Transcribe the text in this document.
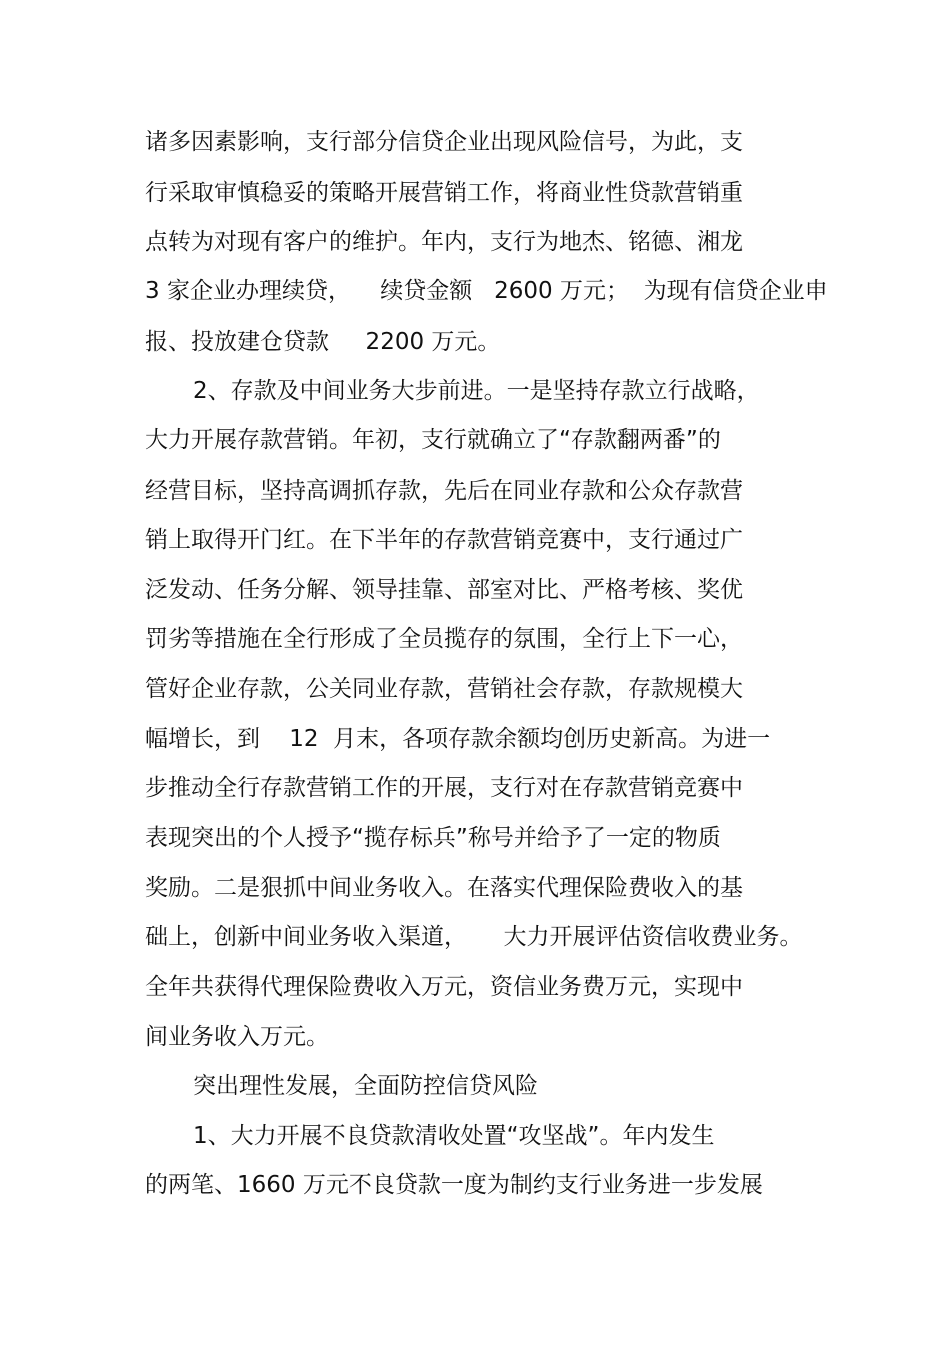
诸多因素影响，支行部分信贷企业出现风险信号，为此，支
行采取审慎稳妥的策略开展营销工作，将商业性贷款营销重
点转为对现有客户的维护。年内，支行为地杰、铭德、湘龙
3 家企业办理续贷，    续贷金额   2600 万元；  为现有信贷企业申
报、投放建仓贷款     2200 万元。
2、存款及中间业务大步前进。一是坚持存款立行战略，
大力开展存款营销。年初，支行就确立了“存款翻两番”的
经营目标，坚持高调抓存款，先后在同业存款和公众存款营
销上取得开门红。在下半年的存款营销竞赛中，支行通过广
泛发动、任务分解、领导挂靠、部室对比、严格考核、奖优
罚劣等措施在全行形成了全员揽存的氛围，全行上下一心，
管好企业存款，公关同业存款，营销社会存款，存款规模大
幅增长，到    12  月末，各项存款余额均创历史新高。为进一
步推动全行存款营销工作的开展，支行对在存款营销竞赛中
表现突出的个人授予“揽存标兵”称号并给予了一定的物质
奖励。二是狠抓中间业务收入。在落实代理保险费收入的基
础上，创新中间业务收入渠道，     大力开展评估资信收费业务。
全年共获得代理保险费收入万元，资信业务费万元，实现中
间业务收入万元。
突出理性发展，全面防控信贷风险
1、大力开展不良贷款清收处置“攻坚战”。年内发生
的两笔、1660 万元不良贷款一度为制约支行业务进一步发展
